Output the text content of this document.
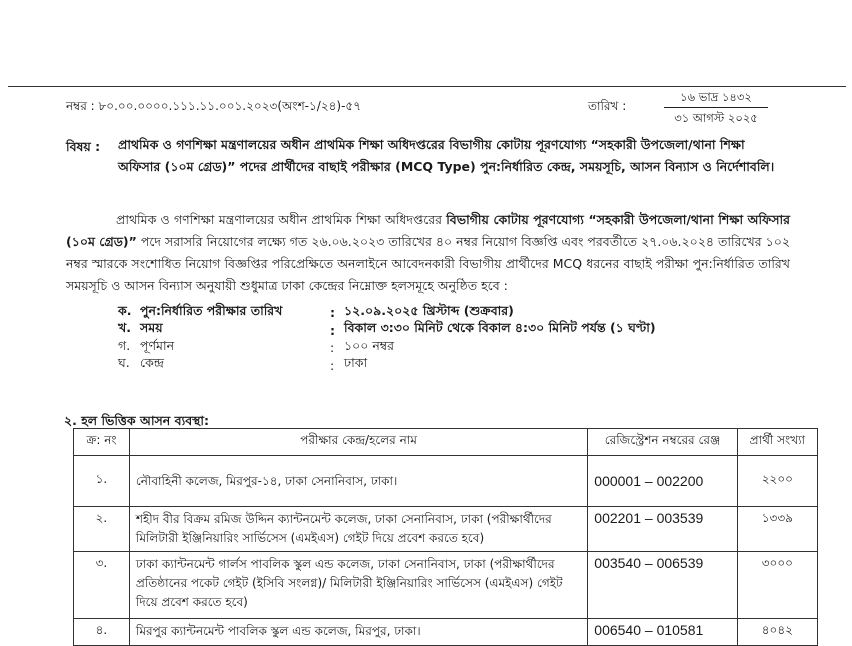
নম্বর : ৮০.০০.০০০০.১১১.১১.০০১.২০২৩(অংশ-১/২৪)-৫৭	তারিখ :
১৬ ভাদ্র ১৪৩২
৩১ আগস্ট ২০২৫
বিষয় : প্রাথমিক ও গণশিক্ষা মন্ত্রণালয়ের অধীন প্রাথমিক শিক্ষা অধিদপ্তরের বিভাগীয় কোটায় পূরণযোগ্য “সহকারী উপজেলা/থানা শিক্ষা অফিসার (১০ম গ্রেড)” পদের প্রার্থীদের বাছাই পরীক্ষার (MCQ Type) পুন:নির্ধারিত কেন্দ্র, সময়সূচি, আসন বিন্যাস ও নির্দেশাবলি।
প্রাথমিক ও গণশিক্ষা মন্ত্রণালয়ের অধীন প্রাথমিক শিক্ষা অধিদপ্তরের বিভাগীয় কোটায় পূরণযোগ্য “সহকারী উপজেলা/থানা শিক্ষা অফিসার (১০ম গ্রেড)” পদে সরাসরি নিয়োগের লক্ষ্যে গত ২৬.০৬.২০২৩ তারিখের ৪০ নম্বর নিয়োগ বিজ্ঞপ্তি এবং পরবর্তীতে ২৭.০৬.২০২৪ তারিখের ১০২ নম্বর স্মারকে সংশোধিত নিয়োগ বিজ্ঞপ্তির পরিপ্রেক্ষিতে অনলাইনে আবেদনকারী বিভাগীয় প্রার্থীদের MCQ ধরনের বাছাই পরীক্ষা পুন:নির্ধারিত তারিখ সময়সূচি ও আসন বিন্যাস অনুযায়ী শুধুমাত্র ঢাকা কেন্দ্রের নিম্নোক্ত হলসমূহে অনুষ্ঠিত হবে :
ক. পুন:নির্ধারিত পরীক্ষার তারিখ	: ১২.০৯.২০২৫ খ্রিস্টাব্দ (শুক্রবার)
খ. সময়	: বিকাল ৩:৩০ মিনিট থেকে বিকাল ৪:৩০ মিনিট পর্যন্ত (১ ঘণ্টা)
গ. পূর্ণমান	: ১০০ নম্বর
ঘ. কেন্দ্র	: ঢাকা
২. হল ভিত্তিক আসন ব্যবস্থা:
ক্র: নং	পরীক্ষার কেন্দ্র/হলের নাম	রেজিস্ট্রেশন নম্বরের রেঞ্জ	প্রার্থী সংখ্যা
১.	নৌবাহিনী কলেজ, মিরপুর-১৪, ঢাকা সেনানিবাস, ঢাকা।	000001 – 002200	২২০০
২.	শহীদ বীর বিক্রম রমিজ উদ্দিন ক্যান্টনমেন্ট কলেজ, ঢাকা সেনানিবাস, ঢাকা (পরীক্ষার্থীদের মিলিটারী ইঞ্জিনিয়ারিং সার্ভিসেস (এমইএস) গেইট দিয়ে প্রবেশ করতে হবে)	002201 – 003539	১৩৩৯
৩.	ঢাকা ক্যান্টনমেন্ট গার্লস পাবলিক স্কুল এন্ড কলেজ, ঢাকা সেনানিবাস, ঢাকা (পরীক্ষার্থীদের প্রতিষ্ঠানের পকেট গেইট (ইসিবি সংলগ্ন)/ মিলিটারী ইঞ্জিনিয়ারিং সার্ভিসেস (এমইএস) গেইট দিয়ে প্রবেশ করতে হবে)	003540 – 006539	৩০০০
৪.	মিরপুর ক্যান্টনমেন্ট পাবলিক স্কুল এন্ড কলেজ, মিরপুর, ঢাকা।	006540 – 010581	৪০৪২
